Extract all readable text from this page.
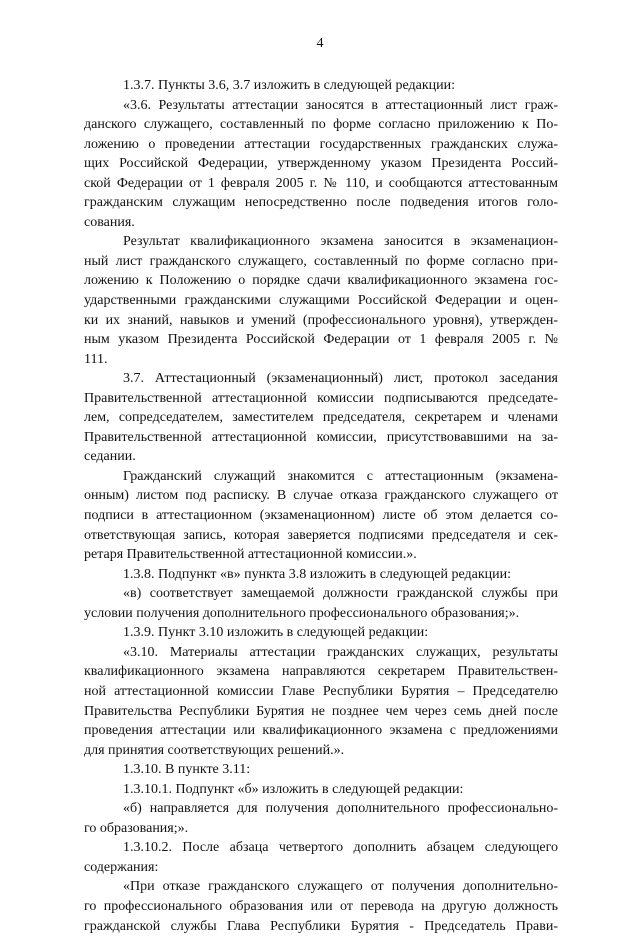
4
1.3.7. Пункты 3.6, 3.7 изложить в следующей редакции:
«3.6. Результаты аттестации заносятся в аттестационный лист граж-
данского служащего, составленный по форме согласно приложению к По-
ложению о проведении аттестации государственных гражданских служа-
щих Российской Федерации, утвержденному указом Президента Россий-
ской Федерации от 1 февраля 2005 г. № 110, и сообщаются аттестованным
гражданским служащим непосредственно после подведения итогов голо-
сования.
Результат квалификационного экзамена заносится в экзаменацион-
ный лист гражданского служащего, составленный по форме согласно при-
ложению к Положению о порядке сдачи квалификационного экзамена гос-
ударственными гражданскими служащими Российской Федерации и оцен-
ки их знаний, навыков и умений (профессионального уровня), утвержден-
ным указом Президента Российской Федерации от 1 февраля 2005 г. №
111.
3.7. Аттестационный (экзаменационный) лист, протокол заседания
Правительственной аттестационной комиссии подписываются председате-
лем, сопредседателем, заместителем председателя, секретарем и членами
Правительственной аттестационной комиссии, присутствовавшими на за-
седании.
Гражданский служащий знакомится с аттестационным (экзамена-
онным) листом под расписку. В случае отказа гражданского служащего от
подписи в аттестационном (экзаменационном) листе об этом делается со-
ответствующая запись, которая заверяется подписями председателя и сек-
ретаря Правительственной аттестационной комиссии.».
1.3.8. Подпункт «в» пункта 3.8 изложить в следующей редакции:
«в) соответствует замещаемой должности гражданской службы при
условии получения дополнительного профессионального образования;».
1.3.9. Пункт 3.10 изложить в следующей редакции:
«3.10. Материалы аттестации гражданских служащих, результаты
квалификационного экзамена направляются секретарем Правительствен-
ной аттестационной комиссии Главе Республики Бурятия – Председателю
Правительства Республики Бурятия не позднее чем через семь дней после
проведения аттестации или квалификационного экзамена с предложениями
для принятия соответствующих решений.».
1.3.10. В пункте 3.11:
1.3.10.1. Подпункт «б» изложить в следующей редакции:
«б) направляется для получения дополнительного профессионально-
го образования;».
1.3.10.2. После абзаца четвертого дополнить абзацем следующего
содержания:
«При отказе гражданского служащего от получения дополнительно-
го профессионального образования или от перевода на другую должность
гражданской службы Глава Республики Бурятия - Председатель Прави-
